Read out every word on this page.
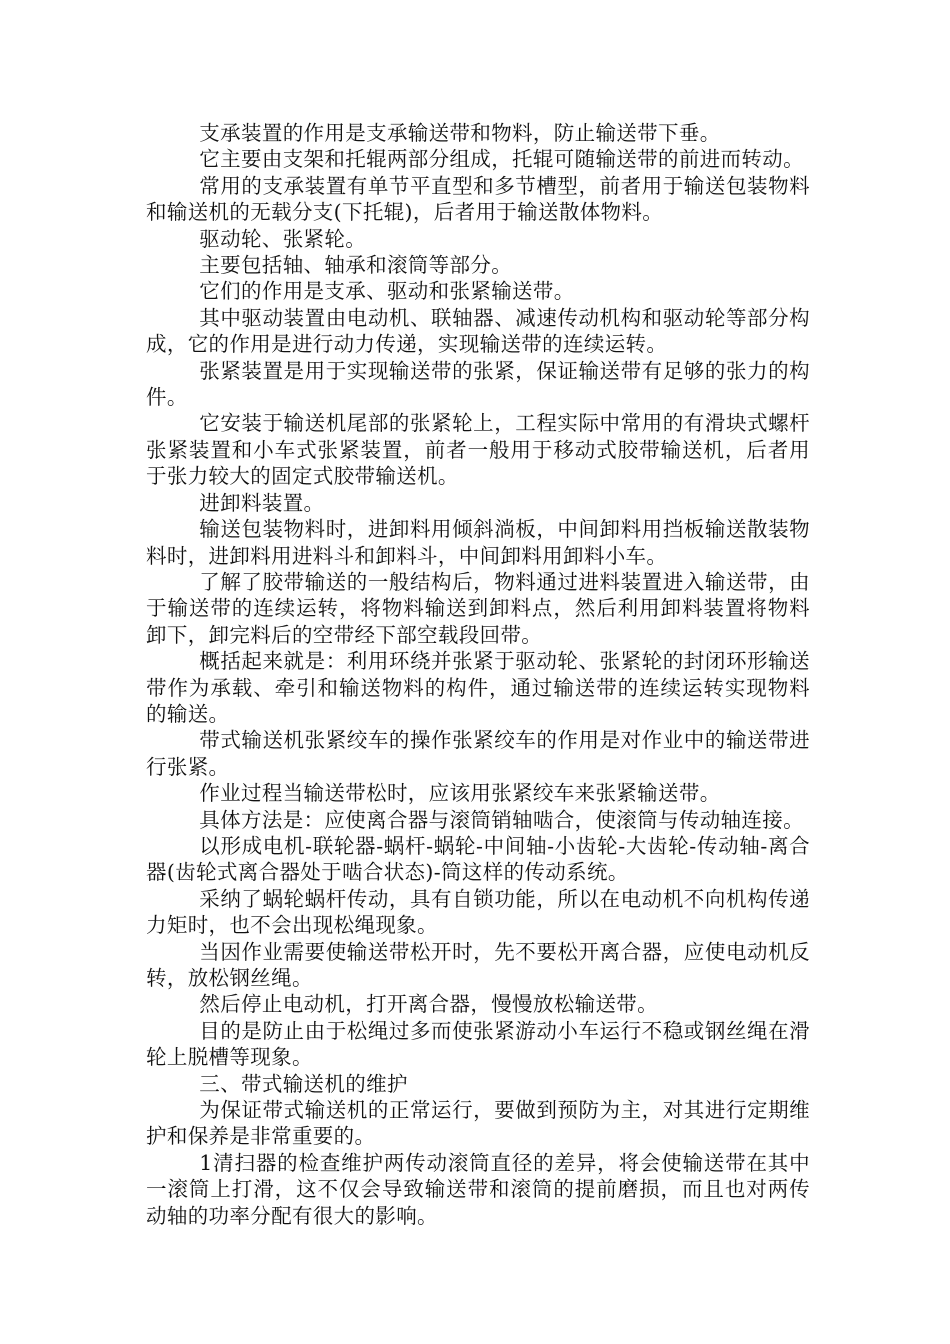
支承装置的作用是支承输送带和物料，防止输送带下垂。

它主要由支架和托辊两部分组成，托辊可随输送带的前进而转动。

常用的支承装置有单节平直型和多节槽型，前者用于输送包装物料和输送机的无载分支(下托辊)，后者用于输送散体物料。

驱动轮、张紧轮。

主要包括轴、轴承和滚筒等部分。

它们的作用是支承、驱动和张紧输送带。

其中驱动装置由电动机、联轴器、减速传动机构和驱动轮等部分构成，它的作用是进行动力传递，实现输送带的连续运转。

张紧装置是用于实现输送带的张紧，保证输送带有足够的张力的构件。

它安装于输送机尾部的张紧轮上，工程实际中常用的有滑块式螺杆张紧装置和小车式张紧装置，前者一般用于移动式胶带输送机，后者用于张力较大的固定式胶带输送机。

进卸料装置。

输送包装物料时，进卸料用倾斜淌板，中间卸料用挡板输送散装物料时，进卸料用进料斗和卸料斗，中间卸料用卸料小车。

了解了胶带输送的一般结构后，物料通过进料装置进入输送带，由于输送带的连续运转，将物料输送到卸料点，然后利用卸料装置将物料卸下，卸完料后的空带经下部空载段回带。

概括起来就是：利用环绕并张紧于驱动轮、张紧轮的封闭环形输送带作为承载、牵引和输送物料的构件，通过输送带的连续运转实现物料的输送。

带式输送机张紧绞车的操作张紧绞车的作用是对作业中的输送带进行张紧。

作业过程当输送带松时，应该用张紧绞车来张紧输送带。

具体方法是：应使离合器与滚筒销轴啮合，使滚筒与传动轴连接。

以形成电机-联轮器-蜗杆-蜗轮-中间轴-小齿轮-大齿轮-传动轴-离合器(齿轮式离合器处于啮合状态)-筒这样的传动系统。

采纳了蜗轮蜗杆传动，具有自锁功能，所以在电动机不向机构传递力矩时，也不会出现松绳现象。

当因作业需要使输送带松开时，先不要松开离合器，应使电动机反转，放松钢丝绳。

然后停止电动机，打开离合器，慢慢放松输送带。

目的是防止由于松绳过多而使张紧游动小车运行不稳或钢丝绳在滑轮上脱槽等现象。

三、带式输送机的维护

为保证带式输送机的正常运行，要做到预防为主，对其进行定期维护和保养是非常重要的。

1清扫器的检查维护两传动滚筒直径的差异，将会使输送带在其中一滚筒上打滑，这不仅会导致输送带和滚筒的提前磨损，而且也对两传动轴的功率分配有很大的影响。
